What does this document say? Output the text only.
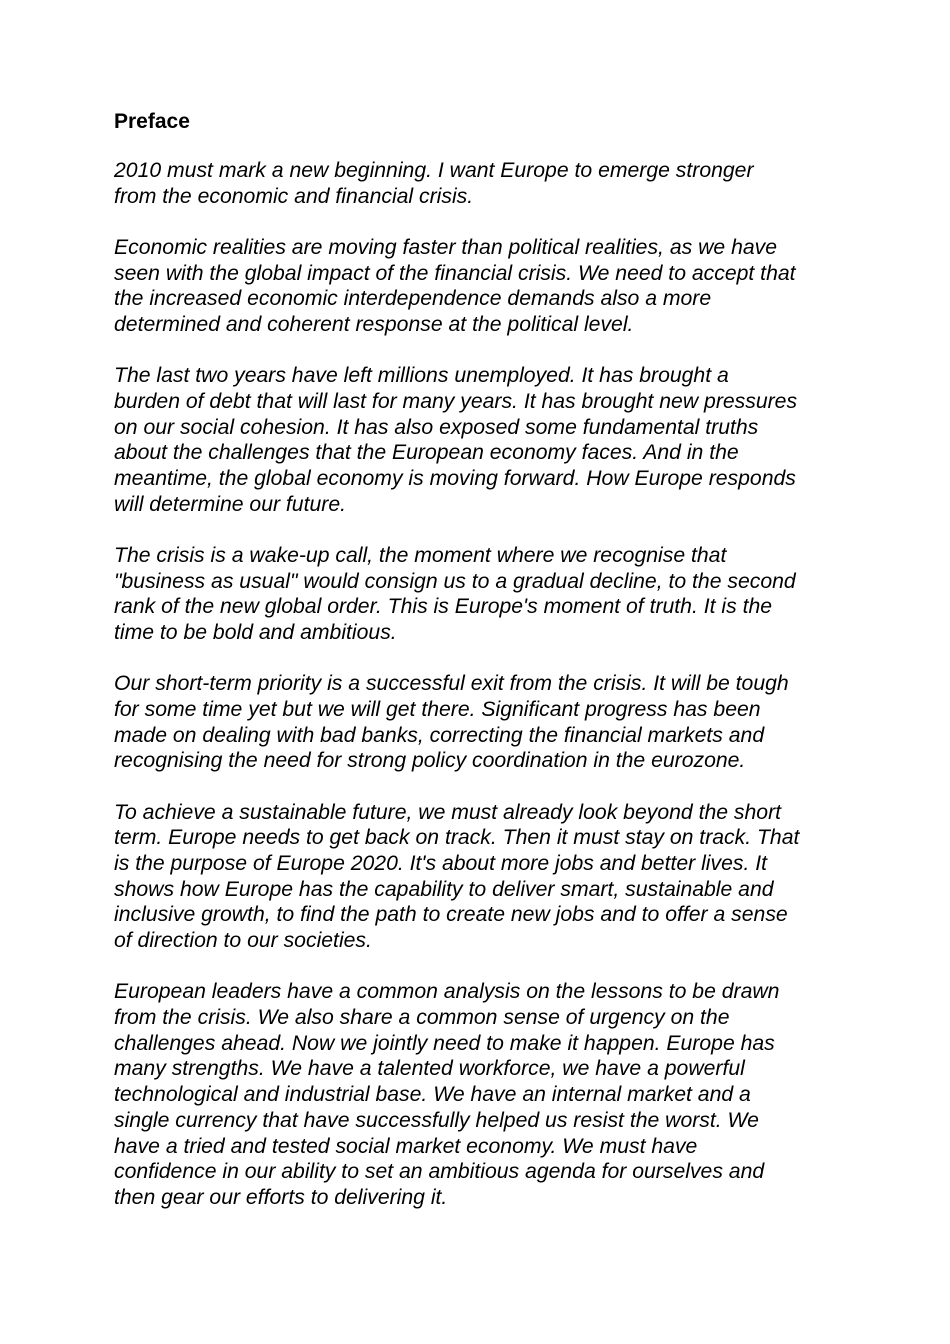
Preface
2010 must mark a new beginning. I want Europe to emerge stronger
from the economic and financial crisis.
Economic realities are moving faster than political realities, as we have
seen with the global impact of the financial crisis. We need to accept that
the increased economic interdependence demands also a more
determined and coherent response at the political level.
The last two years have left millions unemployed. It has brought a
burden of debt that will last for many years. It has brought new pressures
on our social cohesion. It has also exposed some fundamental truths
about the challenges that the European economy faces. And in the
meantime, the global economy is moving forward. How Europe responds
will determine our future.
The crisis is a wake-up call, the moment where we recognise that
"business as usual" would consign us to a gradual decline, to the second
rank of the new global order. This is Europe's moment of truth. It is the
time to be bold and ambitious.
Our short-term priority is a successful exit from the crisis. It will be tough
for some time yet but we will get there. Significant progress has been
made on dealing with bad banks, correcting the financial markets and
recognising the need for strong policy coordination in the eurozone.
To achieve a sustainable future, we must already look beyond the short
term. Europe needs to get back on track. Then it must stay on track. That
is the purpose of Europe 2020. It's about more jobs and better lives. It
shows how Europe has the capability to deliver smart, sustainable and
inclusive growth, to find the path to create new jobs and to offer a sense
of direction to our societies.
European leaders have a common analysis on the lessons to be drawn
from the crisis. We also share a common sense of urgency on the
challenges ahead. Now we jointly need to make it happen. Europe has
many strengths. We have a talented workforce, we have a powerful
technological and industrial base. We have an internal market and a
single currency that have successfully helped us resist the worst. We
have a tried and tested social market economy. We must have
confidence in our ability to set an ambitious agenda for ourselves and
then gear our efforts to delivering it.
